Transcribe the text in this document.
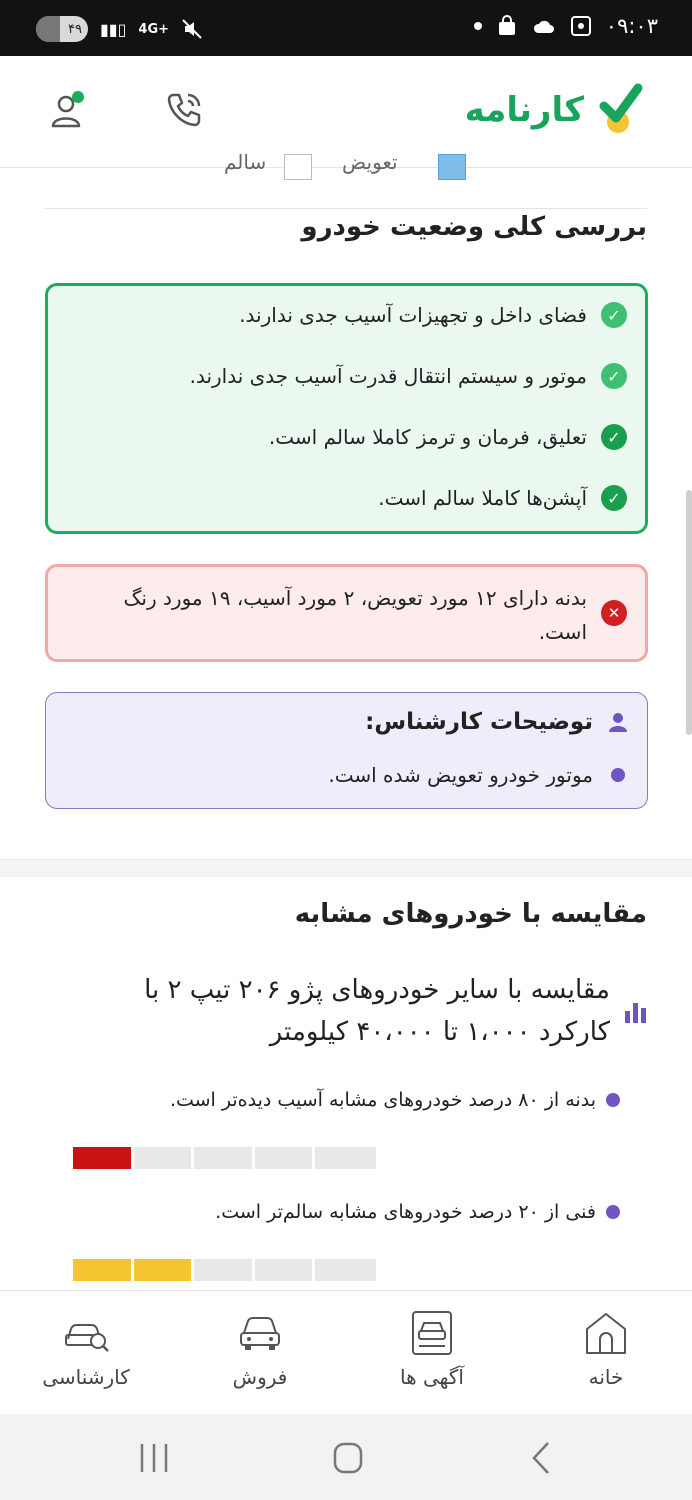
۴۹ ▮▮▯ 4G+	۰۹:۰۳
کارنامه
تعویض
سالم
بررسی کلی وضعیت خودرو
✓
فضای داخل و تجهیزات آسیب جدی ندارند.
✓
موتور و سیستم انتقال قدرت آسیب جدی ندارند.
✓
تعلیق، فرمان و ترمز کاملا سالم است.
✓
آپشن‌ها کاملا سالم است.
✕
بدنه دارای ۱۲ مورد تعویض، ۲ مورد آسیب، ۱۹ مورد رنگ است.
توضیحات کارشناس:
موتور خودرو تعویض شده است.
مقایسه با خودروهای مشابه
مقایسه با سایر خودروهای پژو ۲۰۶ تیپ ۲ با کارکرد ۱،۰۰۰ تا ۴۰،۰۰۰ کیلومتر
بدنه از ۸۰ درصد خودروهای مشابه آسیب دیده‌تر است.
فنی از ۲۰ درصد خودروهای مشابه سالم‌تر است.
کارشناسی	فروش	آگهی ها	خانه
